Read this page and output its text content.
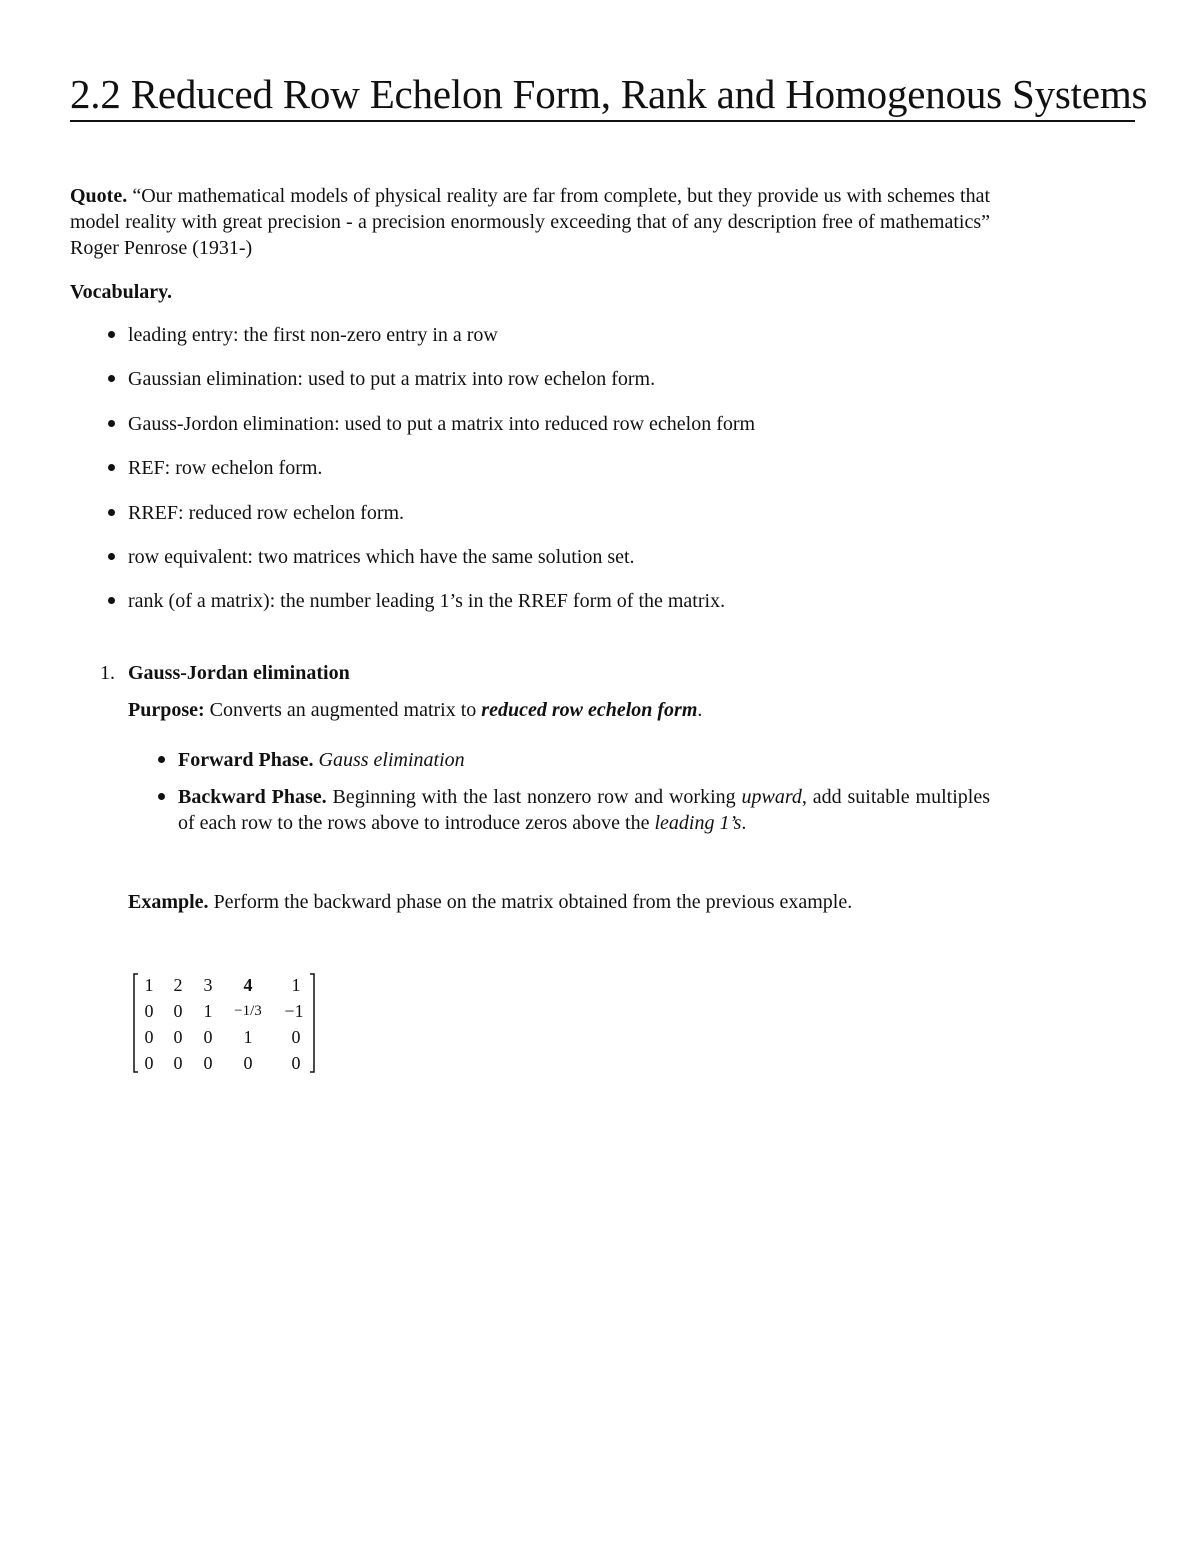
2.2 Reduced Row Echelon Form, Rank and Homogenous Systems

Quote. “Our mathematical models of physical reality are far from complete, but they provide us with schemes that model reality with great precision - a precision enormously exceeding that of any description free of mathematics” Roger Penrose (1931-)

Vocabulary.

leading entry: the first non-zero entry in a row
Gaussian elimination: used to put a matrix into row echelon form.
Gauss-Jordon elimination: used to put a matrix into reduced row echelon form
REF: row echelon form.
RREF: reduced row echelon form.
row equivalent: two matrices which have the same solution set.
rank (of a matrix): the number leading 1’s in the RREF form of the matrix.
1. Gauss-Jordan elimination

Purpose: Converts an augmented matrix to reduced row echelon form.

Forward Phase. Gauss elimination
Backward Phase. Beginning with the last nonzero row and working upward, add suitable multiples of each row to the rows above to introduce zeros above the leading 1’s.

Example. Perform the backward phase on the matrix obtained from the previous example.

1	2	3	4	1
0	0	1	−1/3	−1
0	0	0	1	0
0	0	0	0	0
